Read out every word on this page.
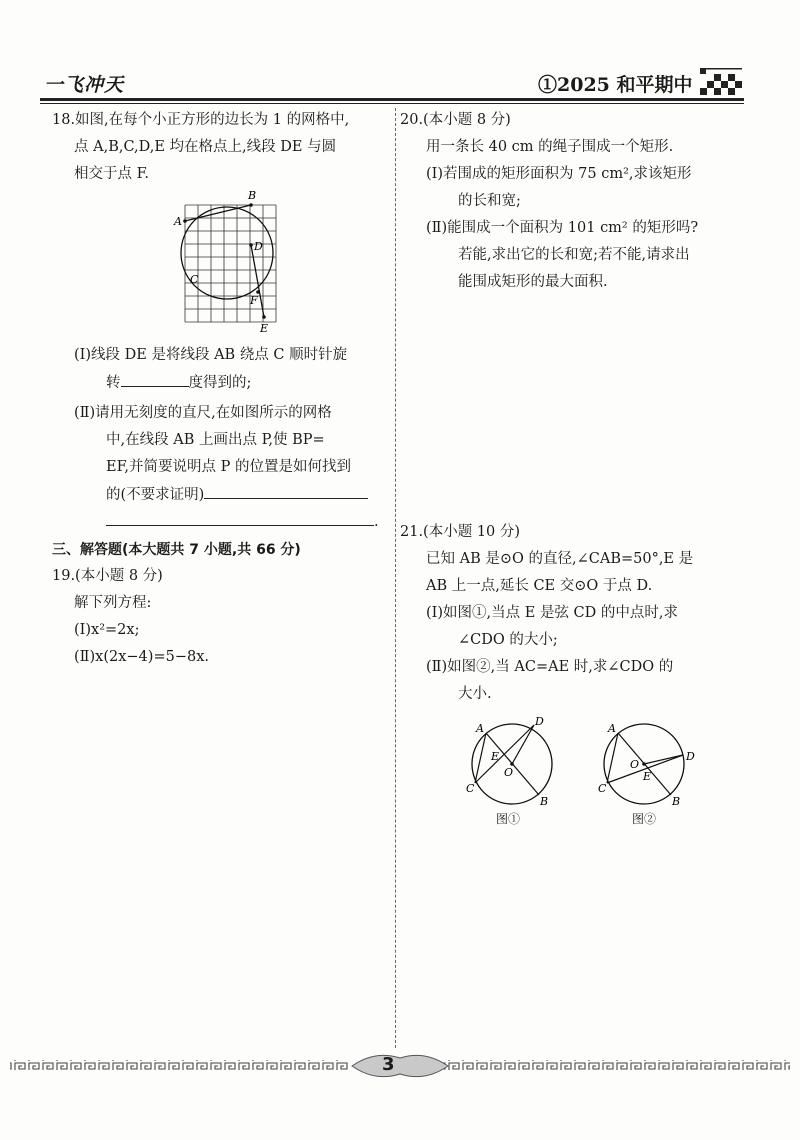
一飞冲天	①2025 和平期中
18.如图,在每个小正方形的边长为 1 的网格中,
点 A,B,C,D,E 均在格点上,线段 DE 与圆
相交于点 F.
A
B
C
D
E
F
(Ⅰ)线段 DE 是将线段 AB 绕点 C 顺时针旋
转	度得到的;
(Ⅱ)请用无刻度的直尺,在如图所示的网格
中,在线段 AB 上画出点 P,使 BP=
EF,并简要说明点 P 的位置是如何找到
的(不要求证明)
.
三、解答题(本大题共 7 小题,共 66 分)
19.(本小题 8 分)
解下列方程:
(Ⅰ)x²=2x;
(Ⅱ)x(2x−4)=5−8x.
20.(本小题 8 分)
用一条长 40 cm 的绳子围成一个矩形.
(Ⅰ)若围成的矩形面积为 75 cm²,求该矩形
的长和宽;
(Ⅱ)能围成一个面积为 101 cm² 的矩形吗?
若能,求出它的长和宽;若不能,请求出
能围成矩形的最大面积.
21.(本小题 10 分)
已知 AB 是⊙O 的直径,∠CAB=50°,E 是
AB 上一点,延长 CE 交⊙O 于点 D.
(Ⅰ)如图①,当点 E 是弦 CD 的中点时,求
∠CDO 的大小;
(Ⅱ)如图②,当 AC=AE 时,求∠CDO 的
大小.
A
D
E
O
C
B
图①
A
D
O
E
C
B
图②
3
